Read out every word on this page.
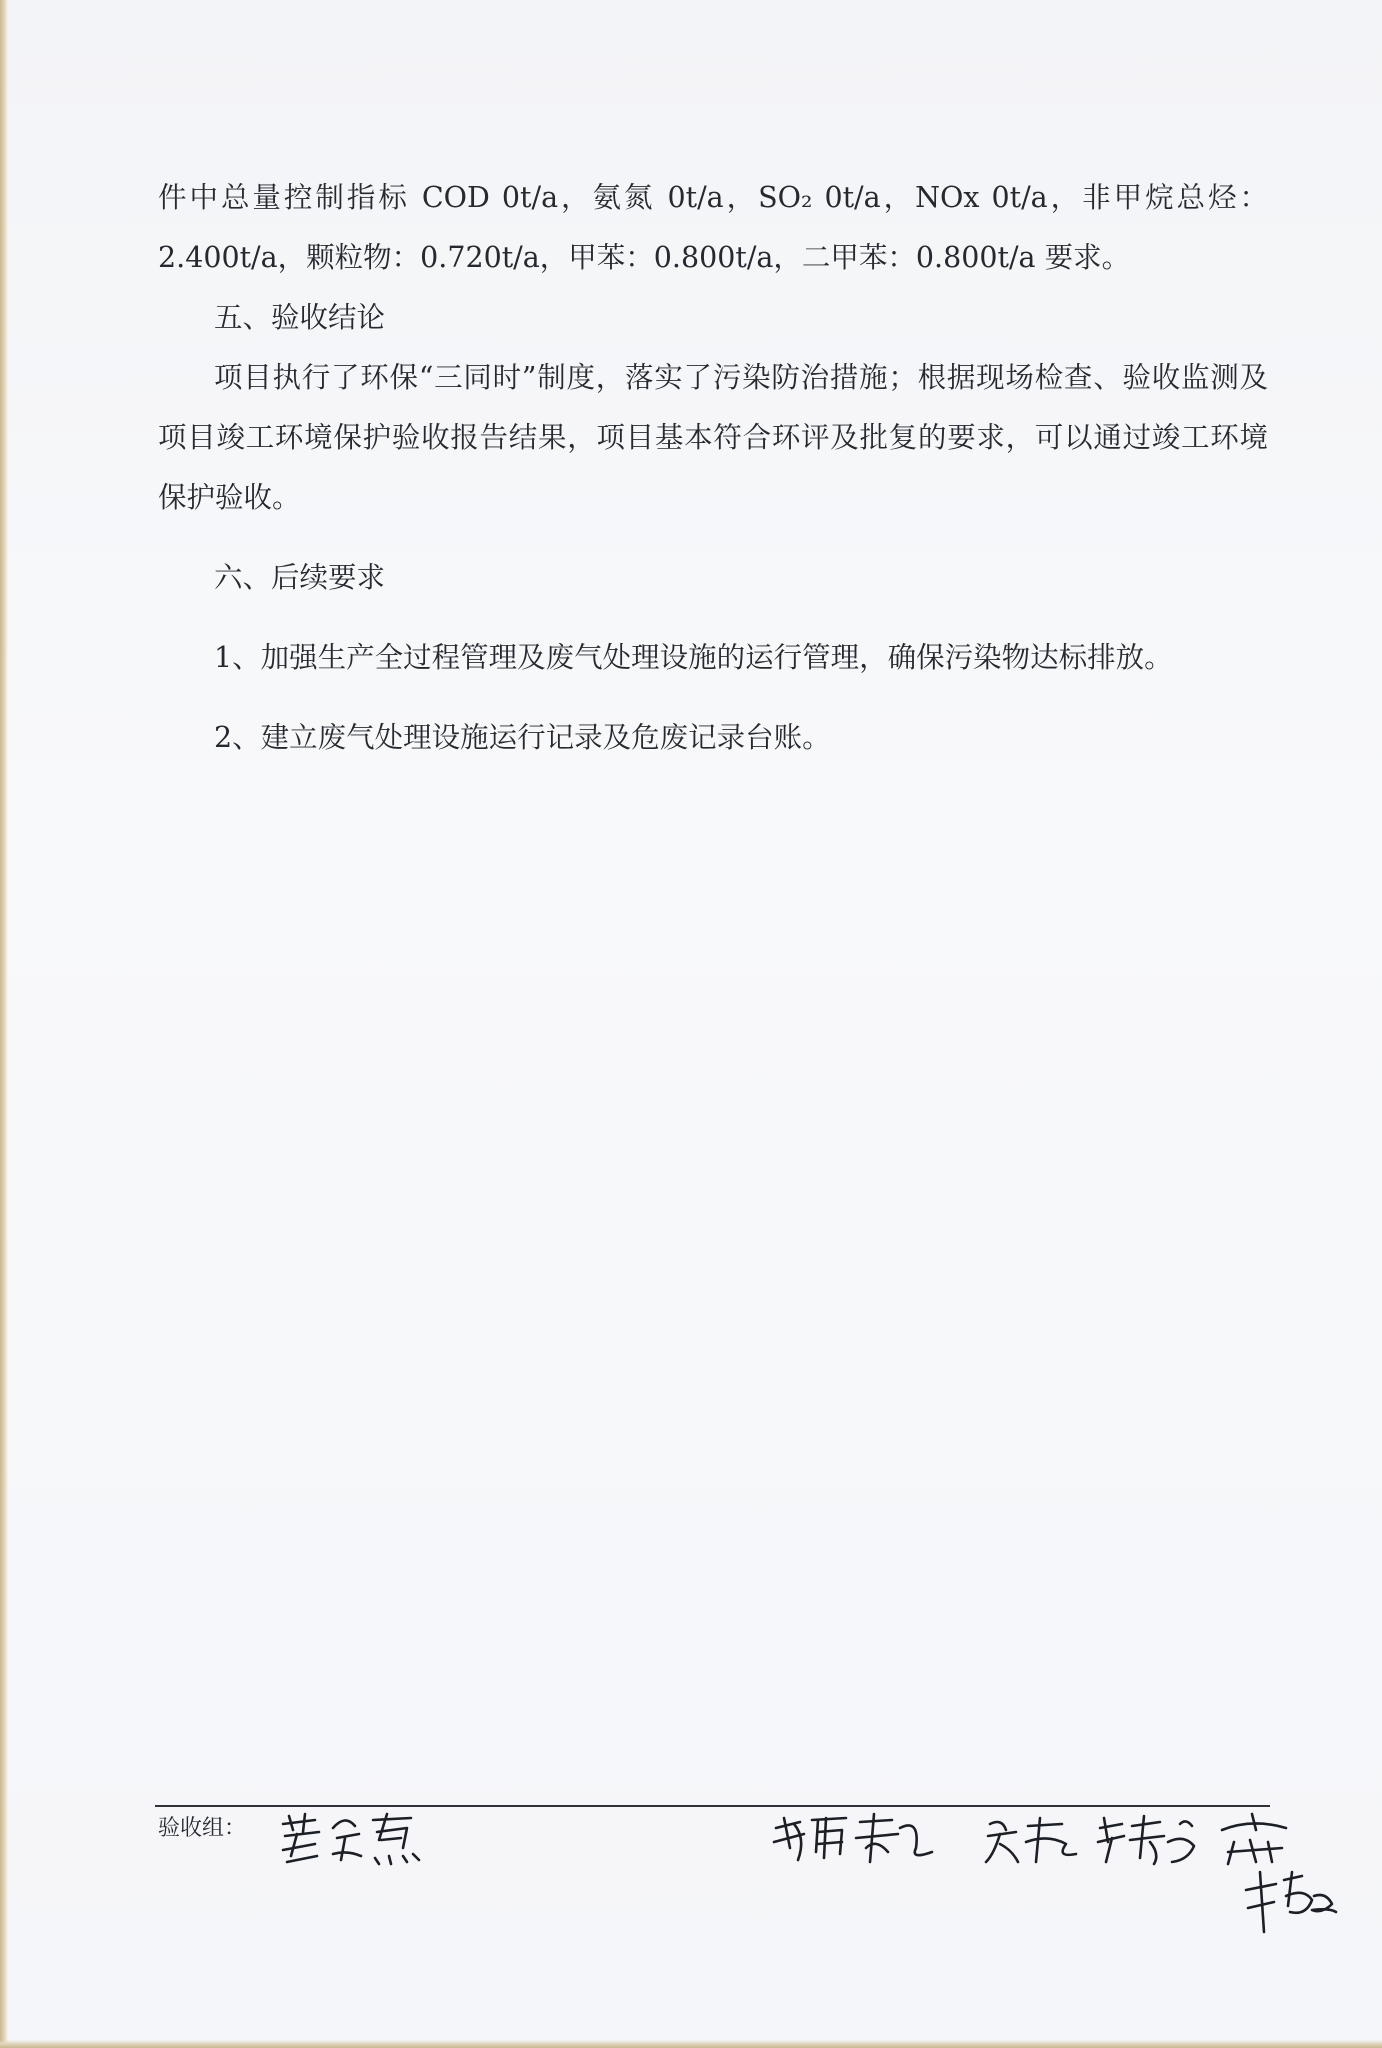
件中总量控制指标 COD 0t/a，氨氮 0t/a，SO₂ 0t/a，NOx 0t/a，非甲烷总烃：2.400t/a，颗粒物：0.720t/a，甲苯：0.800t/a，二甲苯：0.800t/a 要求。

五、验收结论

项目执行了环保“三同时”制度，落实了污染防治措施；根据现场检查、验收监测及项目竣工环境保护验收报告结果，项目基本符合环评及批复的要求，可以通过竣工环境保护验收。

六、后续要求

1、加强生产全过程管理及废气处理设施的运行管理，确保污染物达标排放。

2、建立废气处理设施运行记录及危废记录台账。

验收组：
